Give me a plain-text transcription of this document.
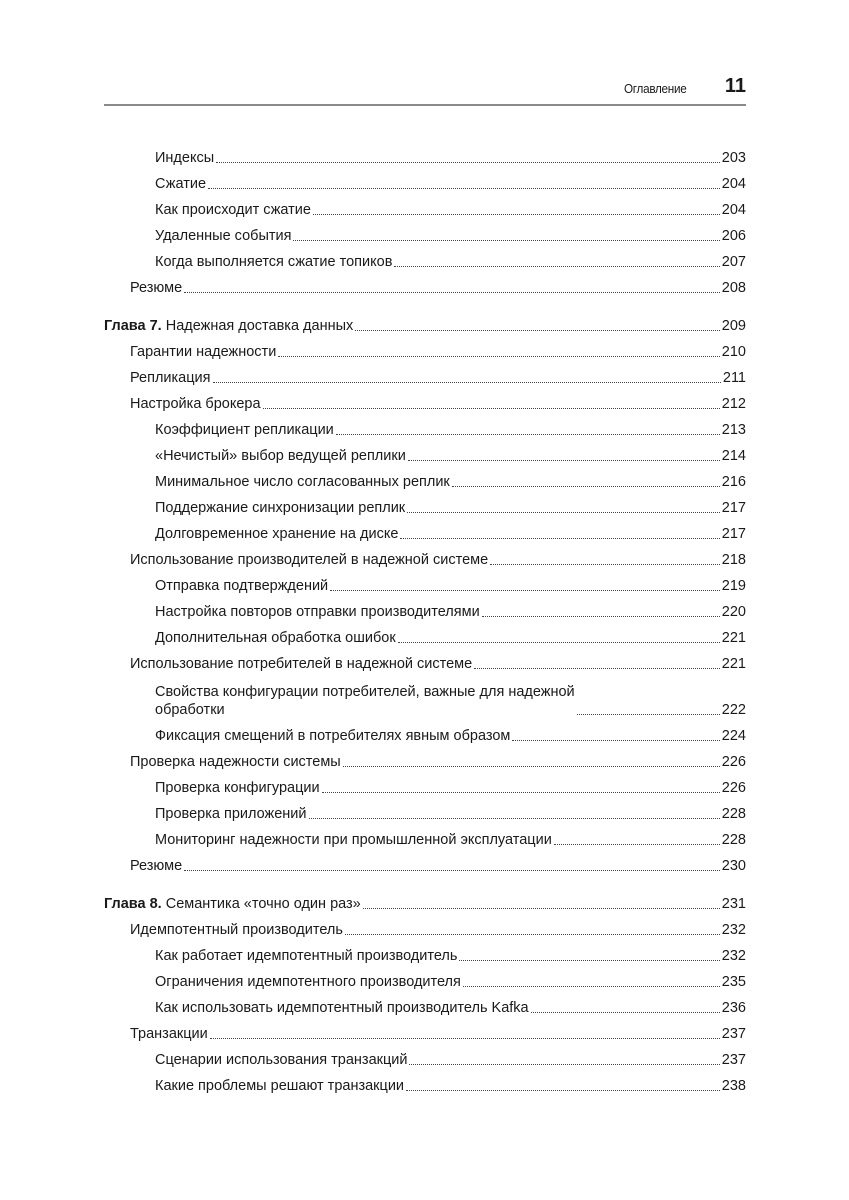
Оглавление 11
Индексы	203
Сжатие	204
Как происходит сжатие	204
Удаленные события	206
Когда выполняется сжатие топиков	207
Резюме	208
Глава 7. Надежная доставка данных	209
Гарантии надежности	210
Репликация	211
Настройка брокера	212
Коэффициент репликации	213
«Нечистый» выбор ведущей реплики	214
Минимальное число согласованных реплик	216
Поддержание синхронизации реплик	217
Долговременное хранение на диске	217
Использование производителей в надежной системе	218
Отправка подтверждений	219
Настройка повторов отправки производителями	220
Дополнительная обработка ошибок	221
Использование потребителей в надежной системе	221
Свойства конфигурации потребителей, важные для надежной обработки	222
Фиксация смещений в потребителях явным образом	224
Проверка надежности системы	226
Проверка конфигурации	226
Проверка приложений	228
Мониторинг надежности при промышленной эксплуатации	228
Резюме	230
Глава 8. Семантика «точно один раз»	231
Идемпотентный производитель	232
Как работает идемпотентный производитель	232
Ограничения идемпотентного производителя	235
Как использовать идемпотентный производитель Kafka	236
Транзакции	237
Сценарии использования транзакций	237
Какие проблемы решают транзакции	238
